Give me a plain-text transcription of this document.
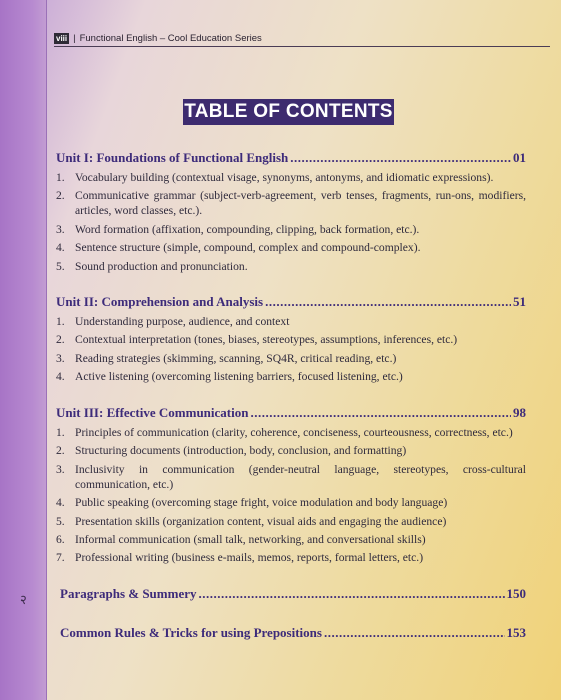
२
viii | Functional English – Cool Education Series
TABLE OF CONTENTS
Unit I: Foundations of Functional English .....	01
1. Vocabulary building (contextual visage, synonyms, antonyms, and idiomatic expressions).
2. Communicative grammar (subject-verb-agreement, verb tenses, fragments, run-ons, modifiers, articles, word classes, etc.).
3. Word formation (affixation, compounding, clipping, back formation, etc.).
4. Sentence structure (simple, compound, complex and compound-complex).
5. Sound production and pronunciation.
Unit II: Comprehension and Analysis .....	51
1. Understanding purpose, audience, and context
2. Contextual interpretation (tones, biases, stereotypes, assumptions, inferences, etc.)
3. Reading strategies (skimming, scanning, SQ4R, critical reading, etc.)
4. Active listening (overcoming listening barriers, focused listening, etc.)
Unit III: Effective Communication .....	98
1. Principles of communication (clarity, coherence, conciseness, courteousness, correctness, etc.)
2. Structuring documents (introduction, body, conclusion, and formatting)
3. Inclusivity in communication (gender-neutral language, stereotypes, cross-cultural communication, etc.)
4. Public speaking (overcoming stage fright, voice modulation and body language)
5. Presentation skills (organization content, visual aids and engaging the audience)
6. Informal communication (small talk, networking, and conversational skills)
7. Professional writing (business e-mails, memos, reports, formal letters, etc.)
Paragraphs & Summery .....	150
Common Rules & Tricks for using Prepositions .....	153
